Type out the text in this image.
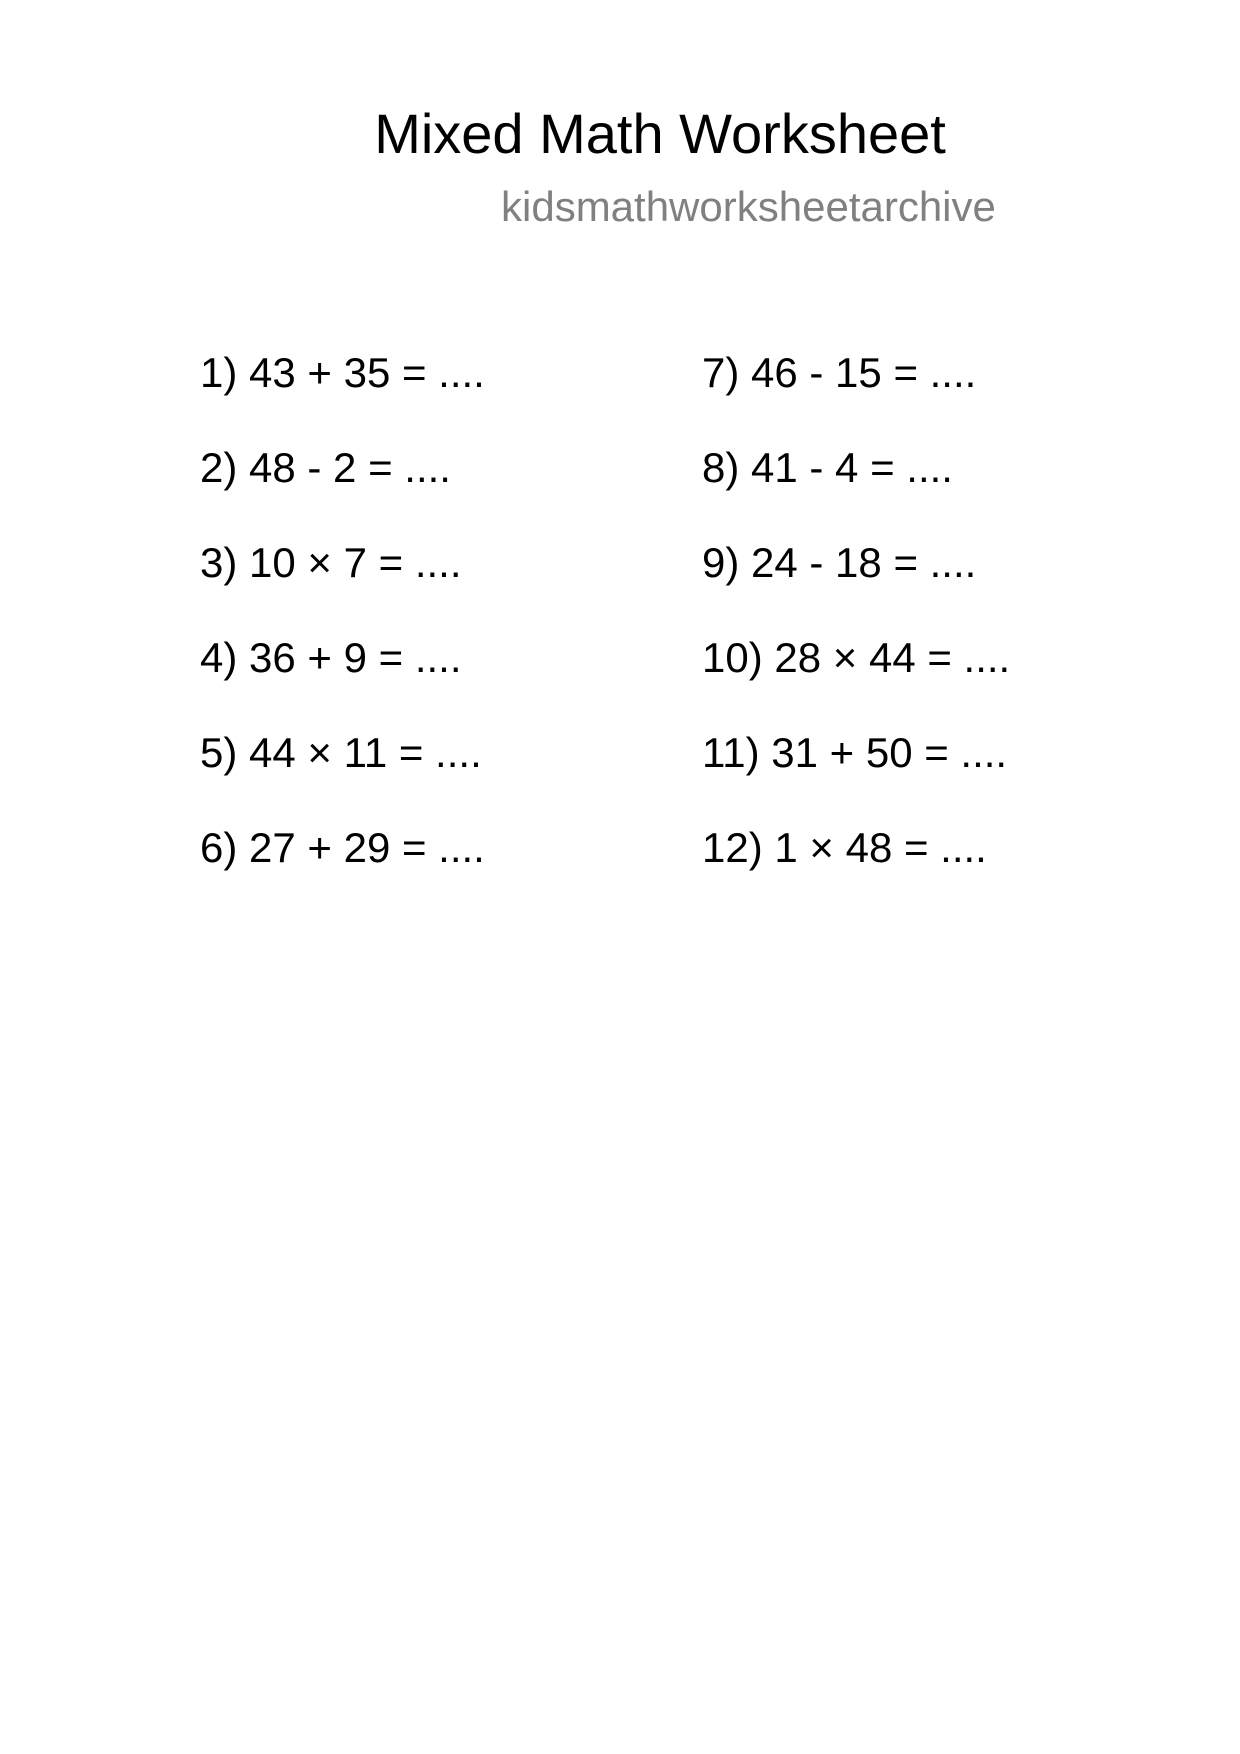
Mixed Math Worksheet
kidsmathworksheetarchive
1) 43 + 35 = ....
2) 48 - 2 = ....
3) 10 × 7 = ....
4) 36 + 9 = ....
5) 44 × 11 = ....
6) 27 + 29 = ....
7) 46 - 15 = ....
8) 41 - 4 = ....
9) 24 - 18 = ....
10) 28 × 44 = ....
11) 31 + 50 = ....
12) 1 × 48 = ....
